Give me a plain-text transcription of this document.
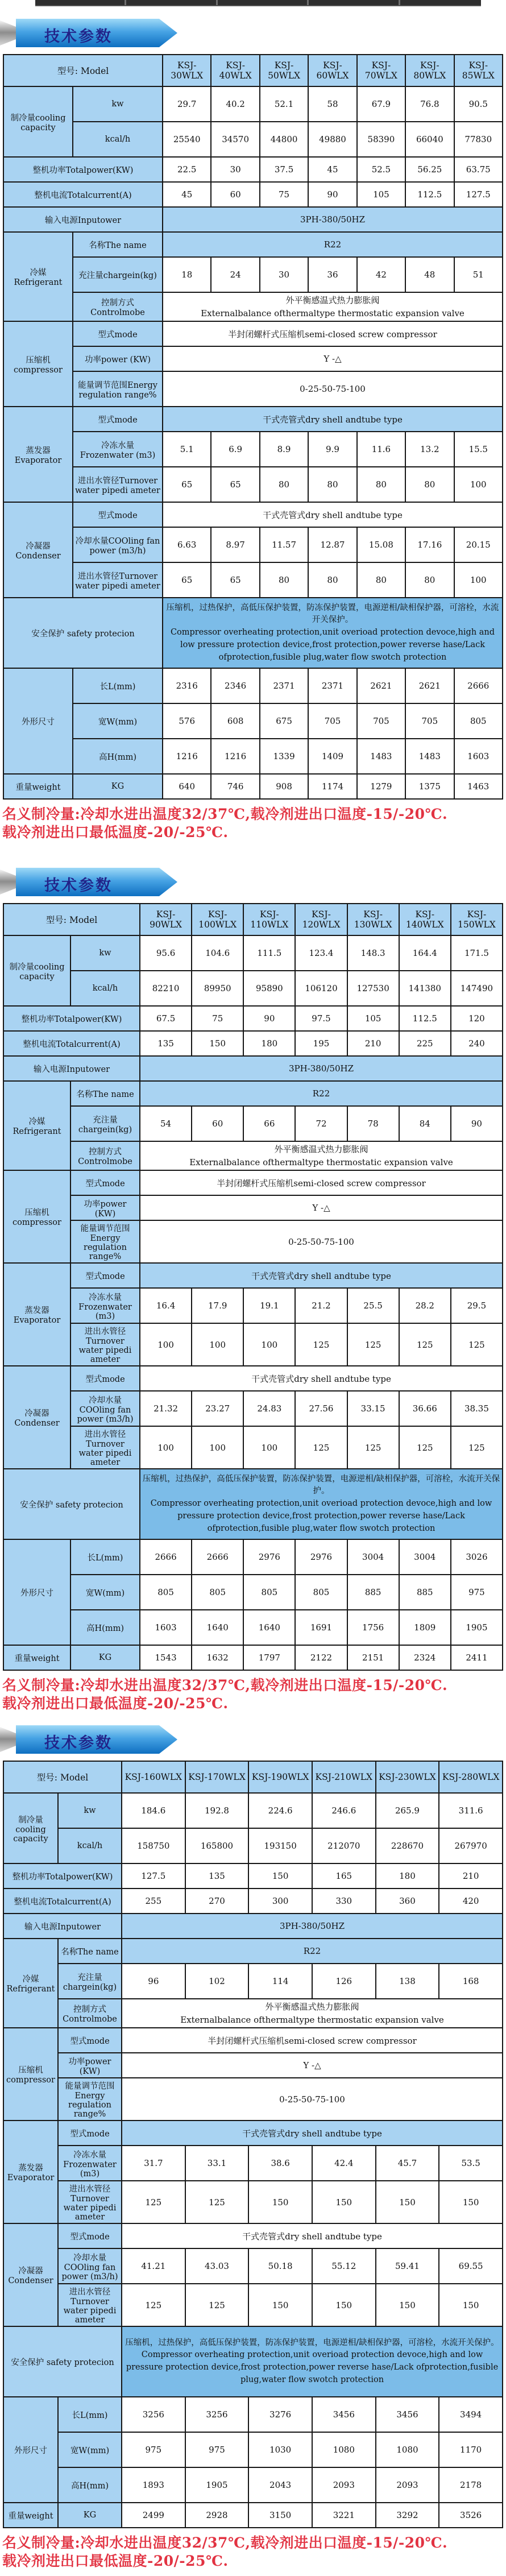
技术参数
型号: Model		KSJ-30WLX	KSJ-40WLX	KSJ-50WLX	KSJ-60WLX	KSJ-70WLX	KSJ-80WLX	KSJ-85WLX
制冷量cooling capacity	kw	29.7	40.2	52.1	58	67.9	76.8	90.5
	kcal/h	25540	34570	44800	49880	58390	66040	77830
整机功率Totalpower(KW)		22.5	30	37.5	45	52.5	56.25	63.75
整机电流Totalcurrent(A)		45	60	75	90	105	112.5	127.5
输入电源Inputower		3PH-380/50HZ						
冷媒Refrigerant	名称The name	R22						
	充注量chargein(kg)	18	24	30	36	42	48	51
	控制方式Controlmobe	外平衡感温式热力膨胀阀
Externalbalance ofthermaltype thermostatic expansion valve						

压缩机compressor	型式mode	半封闭螺杆式压缩机semi-closed screw compressor						
	功率power (KW)	Y -△						
	能量调节范围Energy regulation range%	0-25-50-75-100						
蒸发器 Evaporator	型式mode	干式壳管式dry shell andtube type						
	冷冻水量Frozenwater (m3)	5.1	6.9	8.9	9.9	11.6	13.2	15.5
	进出水管径Turnover water pipedi ameter	65	65	80	80	80	80	100
冷凝器 Condenser	型式mode	干式壳管式dry shell andtube type						
	冷却水量COOling fan power (m3/h)	6.63	8.97	11.57	12.87	15.08	17.16	20.15
	进出水管径Turnover water pipedi ameter	65	65	80	80	80	80	100
安全保护 safety protecion		压缩机，过热保护，高低压保护装置，防冻保护装置，电源逆相/缺相保护器，可溶栓，水流开关保护。
Compressor overheating protection,unit overioad protection devoce,high and low pressure protection device,frost protection,power reverse hase/Lack ofprotection,fusible plug,water flow swotch protection						

外形尺寸	长L(mm)	2316	2346	2371	2371	2621	2621	2666
	宽W(mm)	576	608	675	705	705	705	805
	高H(mm)	1216	1216	1339	1409	1483	1483	1603
重量weight	KG	640	746	908	1174	1279	1375	1463
名义制冷量:冷却水进出温度32/37℃,载冷剂进出口温度-15/-20℃.
载冷剂进出口最低温度-20/-25℃.
技术参数
型号: Model		KSJ-90WLX	KSJ-100WLX	KSJ-110WLX	KSJ-120WLX	KSJ-130WLX	KSJ-140WLX	KSJ-150WLX
制冷量cooling capacity	kw	95.6	104.6	111.5	123.4	148.3	164.4	171.5
	kcal/h	82210	89950	95890	106120	127530	141380	147490
整机功率Totalpower(KW)		67.5	75	90	97.5	105	112.5	120
整机电流Totalcurrent(A)		135	150	180	195	210	225	240
输入电源Inputower		3PH-380/50HZ						
冷媒Refrigerant	名称The name	R22						
	充注量chargein(kg)	54	60	66	72	78	84	90
	控制方式Controlmobe	外平衡感温式热力膨胀阀
Externalbalance ofthermaltype thermostatic expansion valve						

压缩机compressor	型式mode	半封闭螺杆式压缩机semi-closed screw compressor						
	功率power (KW)	Y -△						
	能量调节范围Energy regulation range%	0-25-50-75-100						
蒸发器 Evaporator	型式mode	干式壳管式dry shell andtube type						
	冷冻水量Frozenwater (m3)	16.4	17.9	19.1	21.2	25.5	28.2	29.5
	进出水管径Turnover water pipedi ameter	100	100	100	125	125	125	125
冷凝器 Condenser	型式mode	干式壳管式dry shell andtube type						
	冷却水量COOling fan power (m3/h)	21.32	23.27	24.83	27.56	33.15	36.66	38.35
	进出水管径Turnover water pipedi ameter	100	100	100	125	125	125	125
安全保护 safety protecion		压缩机，过热保护，高低压保护装置，防冻保护装置，电源逆相/缺相保护器，可溶栓，水流开关保护。
Compressor overheating protection,unit overioad protection devoce,high and low pressure protection device,frost protection,power reverse hase/Lack ofprotection,fusible plug,water flow swotch protection						

外形尺寸	长L(mm)	2666	2666	2976	2976	3004	3004	3026
	宽W(mm)	805	805	805	805	885	885	975
	高H(mm)	1603	1640	1640	1691	1756	1809	1905
重量weight	KG	1543	1632	1797	2122	2151	2324	2411
名义制冷量:冷却水进出温度32/37℃,载冷剂进出口温度-15/-20℃.
载冷剂进出口最低温度-20/-25℃.
技术参数
型号: Model		KSJ-160WLX	KSJ-170WLX	KSJ-190WLX	KSJ-210WLX	KSJ-230WLX	KSJ-280WLX
制冷量cooling capacity	kw	184.6	192.8	224.6	246.6	265.9	311.6
	kcal/h	158750	165800	193150	212070	228670	267970
整机功率Totalpower(KW)		127.5	135	150	165	180	210
整机电流Totalcurrent(A)		255	270	300	330	360	420
输入电源Inputower		3PH-380/50HZ					
冷媒Refrigerant	名称The name	R22					
	充注量chargein(kg)	96	102	114	126	138	168
	控制方式Controlmobe	外平衡感温式热力膨胀阀
Externalbalance ofthermaltype thermostatic expansion valve					

压缩机compressor	型式mode	半封闭螺杆式压缩机semi-closed screw compressor					
	功率power (KW)	Y -△					
	能量调节范围Energy regulation range%	0-25-50-75-100					
蒸发器 Evaporator	型式mode	干式壳管式dry shell andtube type					
	冷冻水量Frozenwater (m3)	31.7	33.1	38.6	42.4	45.7	53.5
	进出水管径Turnover water pipedi ameter	125	125	150	150	150	150
冷凝器 Condenser	型式mode	干式壳管式dry shell andtube type					
	冷却水量COOling fan power (m3/h)	41.21	43.03	50.18	55.12	59.41	69.55
	进出水管径Turnover water pipedi ameter	125	125	150	150	150	150
安全保护 safety protecion		压缩机，过热保护，高低压保护装置，防冻保护装置，电源逆相/缺相保护器，可溶栓，水流开关保护。
Compressor overheating protection,unit overioad protection devoce,high and low pressure protection device,frost protection,power reverse hase/Lack ofprotection,fusible plug,water flow swotch protection					

外形尺寸	长L(mm)	3256	3256	3276	3456	3456	3494
	宽W(mm)	975	975	1030	1080	1080	1170
	高H(mm)	1893	1905	2043	2093	2093	2178
重量weight	KG	2499	2928	3150	3221	3292	3526
名义制冷量:冷却水进出温度32/37℃,载冷剂进出口温度-15/-20℃.
载冷剂进出口最低温度-20/-25℃.
